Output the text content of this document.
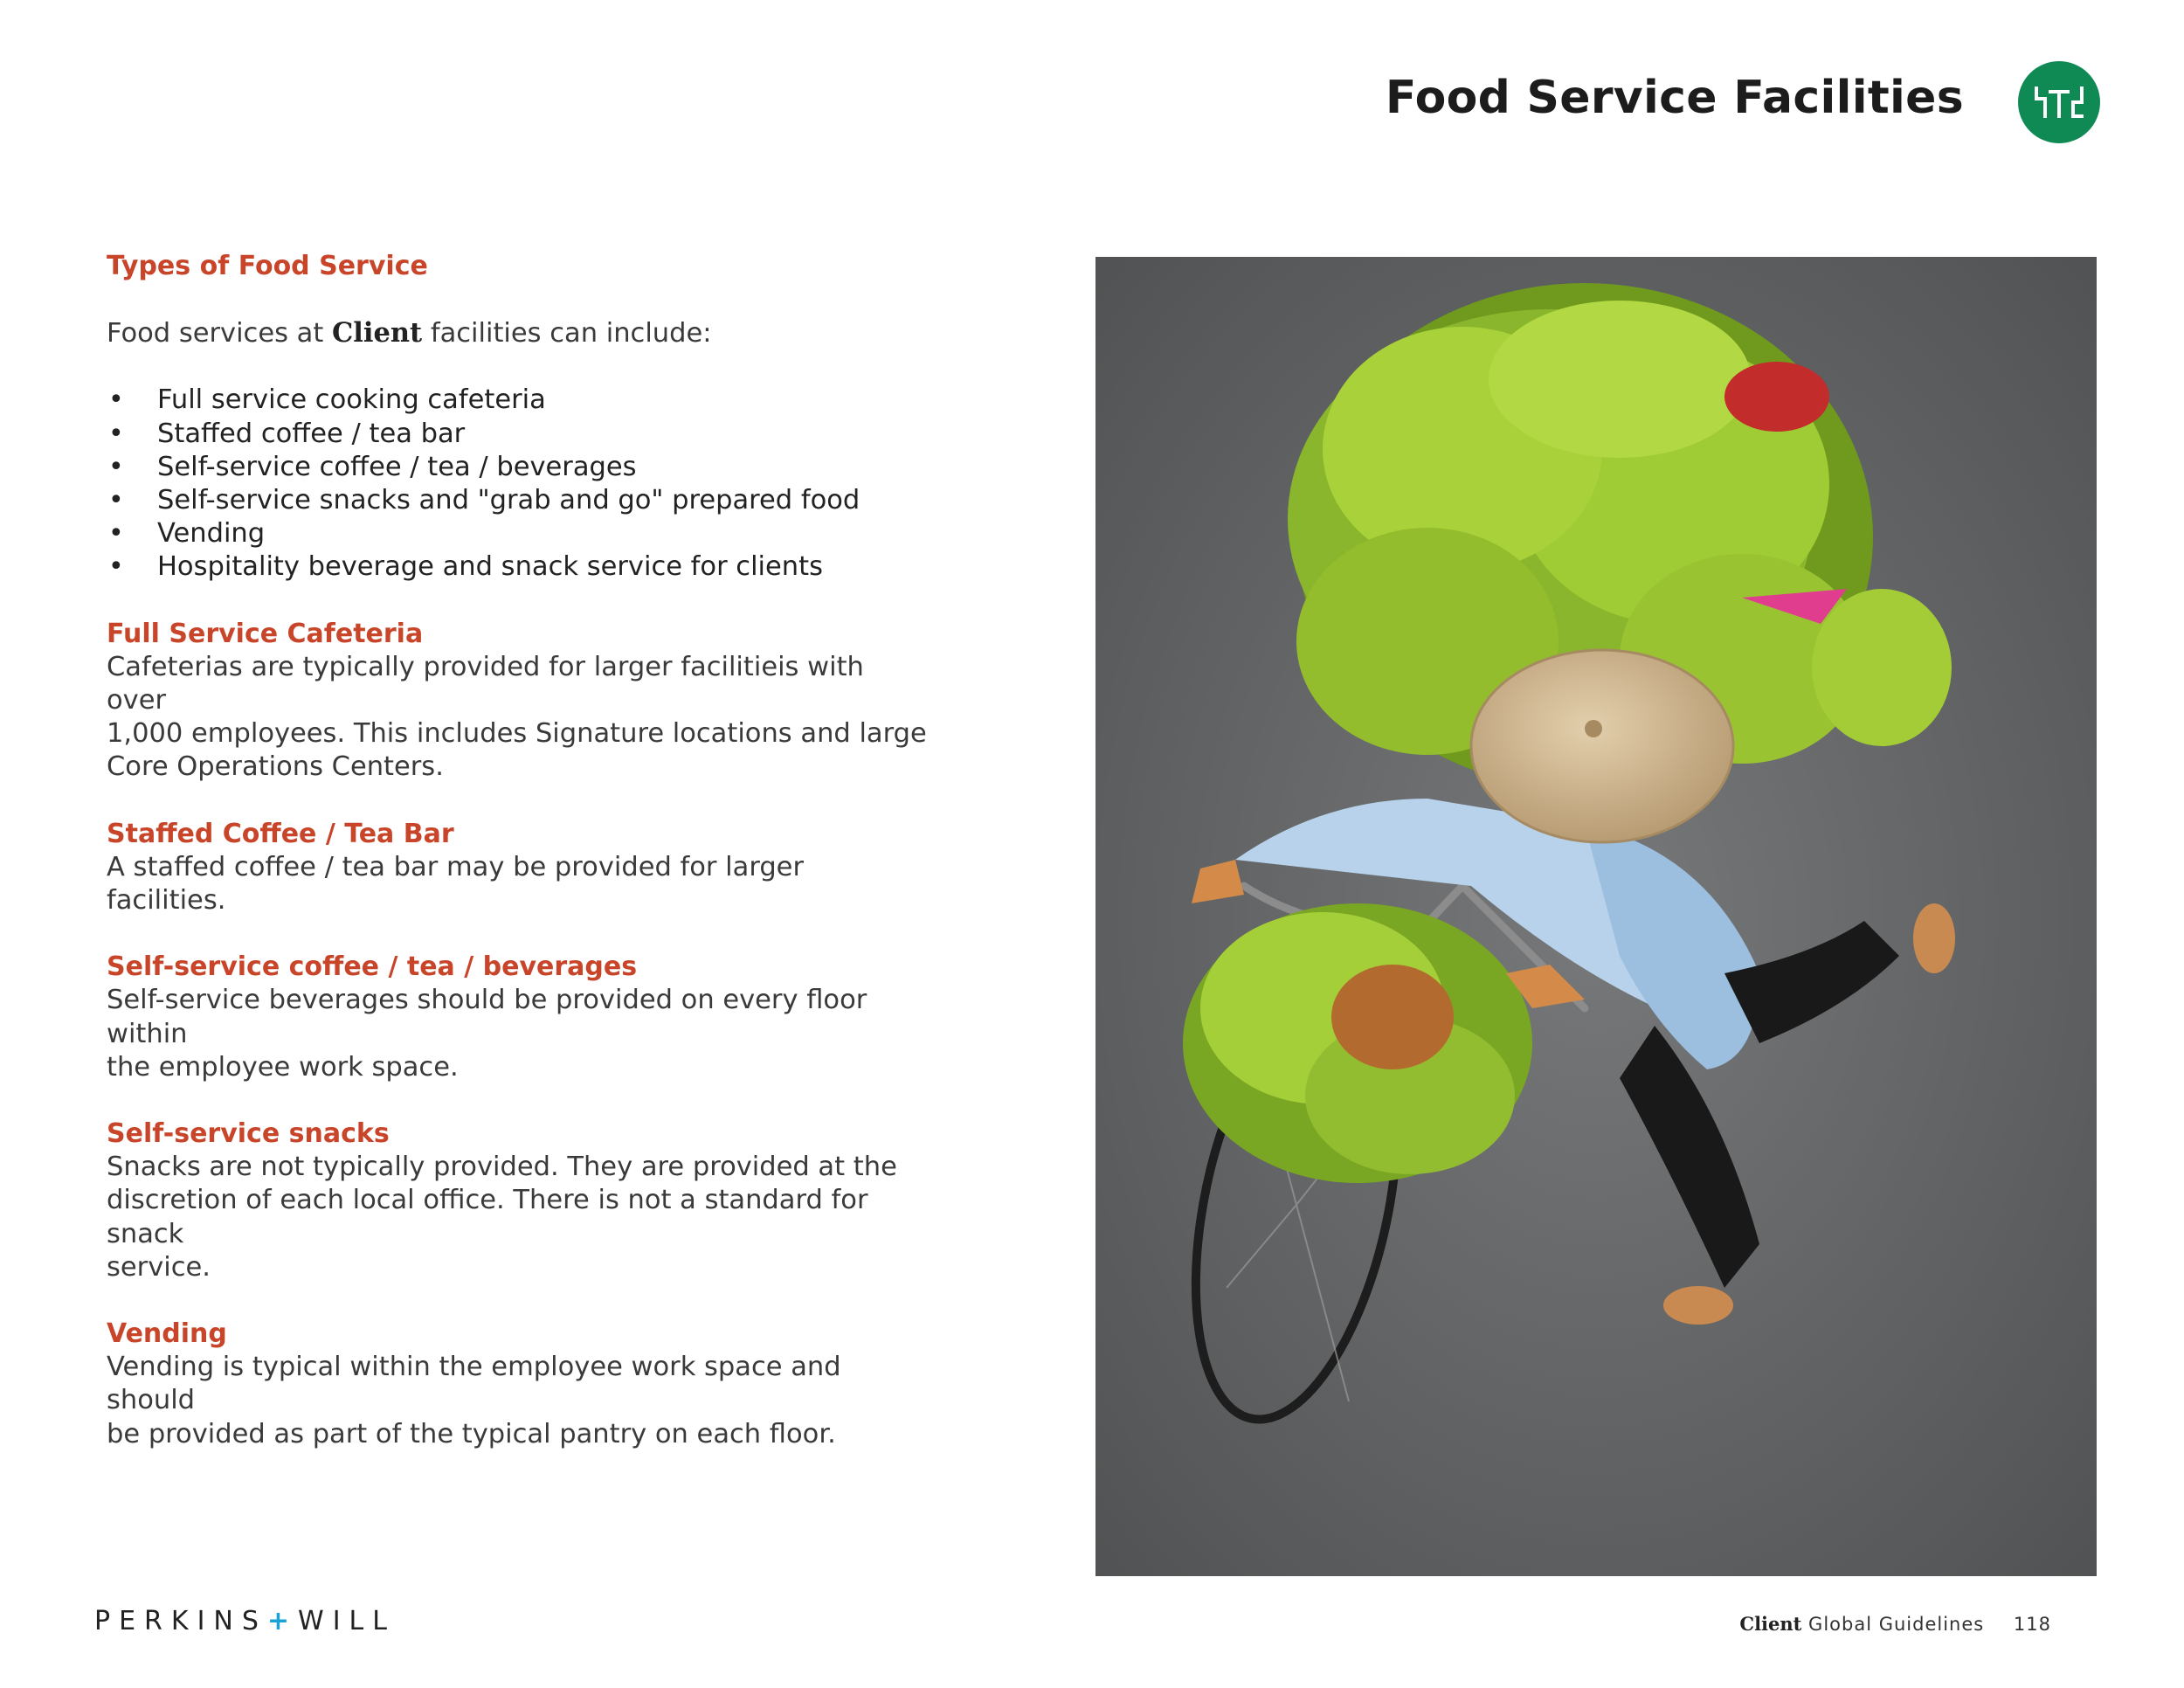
Food Service Facilities

Types of Food Service

Food services at Client facilities can include:

• Full service cooking cafeteria
• Staffed coffee / tea bar
• Self-service coffee / tea / beverages
• Self-service snacks and "grab and go" prepared food
• Vending
• Hospitality beverage and snack service for clients

Full Service Cafeteria

Cafeterias are typically provided for larger facilitieis with over

1,000 employees. This includes Signature locations and large

Core Operations Centers.

Staffed Coffee / Tea Bar

A staffed coffee / tea bar may be provided for larger facilities.

Self-service coffee / tea / beverages

Self-service beverages should be provided on every floor within

the employee work space.

Self-service snacks

Snacks are not typically provided. They are provided at the

discretion of each local office. There is not a standard for snack

service.

Vending

Vending is typical within the employee work space and should

be provided as part of the typical pantry on each floor.

PERKINS+WILL	Client Global Guidelines 118
